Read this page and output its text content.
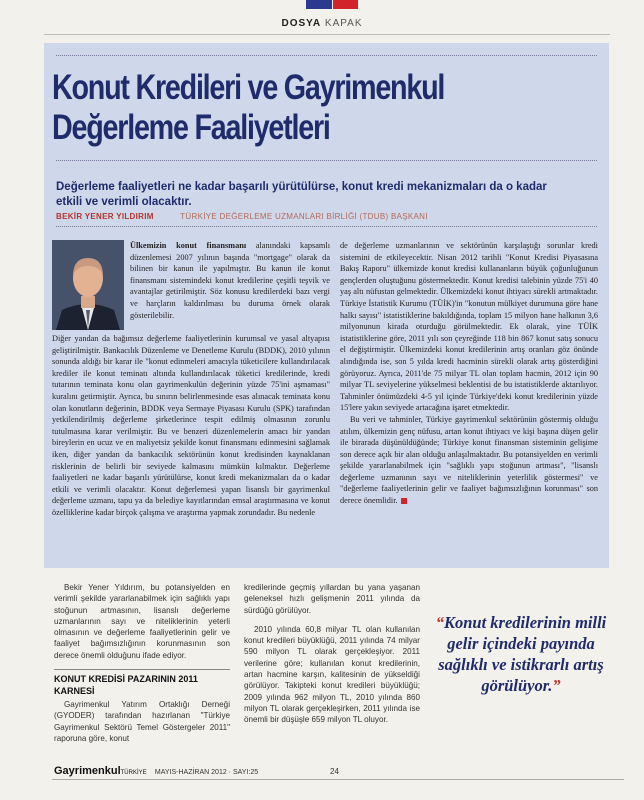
DOSYA KAPAK
Konut Kredileri ve Gayrimenkul Değerleme Faaliyetleri

Değerleme faaliyetleri ne kadar başarılı yürütülürse, konut kredi mekanizmaları da o kadar etkili ve verimli olacaktır.

BEKİR YENER YILDIRIM	TÜRKİYE DEĞERLEME UZMANLARI BİRLİĞİ (TDUB) BAŞKANI

Ülkemizin konut finansmanı alanındaki kapsamlı düzenlemesi 2007 yılının başında "mortgage" olarak da bilinen bir kanun ile yapılmıştır. Bu kanun ile konut finansmanı sistemindeki konut kredilerine çeşitli teşvik ve avantajlar getirilmiştir. Söz konusu kredilerdeki bazı vergi ve harçların kaldırılması bu duruma örnek olarak gösterilebilir.

Diğer yandan da bağımsız değerleme faaliyetlerinin kurumsal ve yasal altyapısı geliştirilmiştir. Bankacılık Düzenleme ve Denetleme Kurulu (BDDK), 2010 yılının sonunda aldığı bir karar ile "konut edinmeleri amacıyla tüketicilere kullandırılacak krediler ile konut teminatı altında kullandırılacak tüketici kredilerinde, kredi tutarının teminata konu olan gayrimenkulün değerinin yüzde 75'ini aşmaması" kuralını getirmiştir. Ayrıca, bu sınırın belirlenmesinde esas alınacak teminata konu olan konutların değerinin, BDDK veya Sermaye Piyasası Kurulu (SPK) tarafından yetkilendirilmiş değerleme şirketlerince tespit edilmiş olmasının zorunlu tutulmasına karar verilmiştir. Bu ve benzeri düzenlemelerin amacı bir yandan bireylerin en ucuz ve en maliyetsiz şekilde konut finansmanı edinmesini sağlamak iken, diğer yandan da bankacılık sektörünün konut kredisinden kaynaklanan risklerinin de belirli bir seviyede kalmasını mümkün kılmaktır. Değerleme faaliyetleri ne kadar başarılı yürütülürse, konut kredi mekanizmaları da o kadar etkili ve verimli olacaktır. Konut değerlemesi yapan lisanslı bir gayrimenkul değerleme uzmanı, tapu ya da belediye kayıtlarından emsal araştırmasına ve konut özelliklerine kadar birçok çalışma ve araştırma yapmak zorundadır. Bu nedenle

de değerleme uzmanlarının ve sektörünün karşılaştığı sorunlar kredi sistemini de etkileyecektir. Nisan 2012 tarihli "Konut Kredisi Piyasasına Bakış Raporu" ülkemizde konut kredisi kullananların büyük çoğunluğunun gençlerden oluştuğunu göstermektedir. Konut kredisi talebinin yüzde 75'i 40 yaş altı nüfustan gelmektedir. Ülkemizdeki konut ihtiyacı sürekli artmaktadır. Türkiye İstatistik Kurumu (TÜİK)'in "konutun mülkiyet durumuna göre hane halkı sayısı" istatistiklerine bakıldığında, toplam 15 milyon hane halkının 3,6 milyonunun kirada oturduğu görülmektedir. Ek olarak, yine TÜİK istatistiklerine göre, 2011 yılı son çeyreğinde 118 bin 867 konut satış sonucu el değiştirmiştir. Ülkemizdeki konut kredilerinin artış oranları göz önünde alındığında ise, son 5 yılda kredi hacminin sürekli olarak artış gösterdiğini görüyoruz. Ayrıca, 2011'de 75 milyar TL olan toplam hacmin, 2012 için 90 milyar TL seviyelerine yükselmesi beklentisi de bu istatistiklerde aktarılıyor. Tahminler önümüzdeki 4-5 yıl içinde Türkiye'deki konut kredilerinin yüzde 15'lere yakın seviyede artacağına işaret etmektedir.

Bu veri ve tahminler, Türkiye gayrimenkul sektörünün göstermiş olduğu atılım, ülkemizin genç nüfusu, artan konut ihtiyacı ve kişi başına düşen gelir ile birarada düşünüldüğünde; Türkiye konut finansman sisteminin gelişime son derece açık bir alan olduğu anlaşılmaktadır. Bu potansiyelden en verimli şekilde yararlanabilmek için "sağlıklı yapı stoğunun artması", "lisanslı değerleme uzmanının sayı ve niteliklerinin yeterlilik göstermesi" ve "değerleme faaliyetlerinin gelir ve faaliyet bağımsızlığının korunması" son derece önemlidir.

Bekir Yener Yıldırım, bu potansiyelden en verimli şekilde yararlanabilmek için sağlıklı yapı stoğunun artmasının, lisanslı değerleme uzmanlarının sayı ve niteliklerinin yeterli olmasının ve değerleme faaliyetlerinin gelir ve faaliyet bağımsızlığının korunmasının son derece önemli olduğunu ifade ediyor.

KONUT KREDİSİ PAZARININ 2011 KARNESİ

Gayrimenkul Yatırım Ortaklığı Derneği (GYODER) tarafından hazırlanan "Türkiye Gayrimenkul Sektörü Temel Göstergeler 2011" raporuna göre, konut

kredilerinde geçmiş yıllardan bu yana yaşanan geleneksel hızlı gelişmenin 2011 yılında da sürdüğü görülüyor.

2010 yılında 60,8 milyar TL olan kullanılan konut kredileri büyüklüğü, 2011 yılında 74 milyar 590 milyon TL olarak gerçekleşiyor. 2011 verilerine göre; kullanılan konut kredilerinin, artan hacmine karşın, kalitesinin de yükseldiği görülüyor. Takipteki konut kredileri büyüklüğü; 2009 yılında 962 milyon TL, 2010 yılında 860 milyon TL olarak gerçekleşirken, 2011 yılında ise önemli bir düşüşle 659 milyon TL oluyor.

“Konut kredilerinin milli gelir içindeki payında sağlıklı ve istikrarlı artış görülüyor.”
GayrimenkulTÜRKİYE MAYIS-HAZİRAN 2012 · SAYI:25	24
